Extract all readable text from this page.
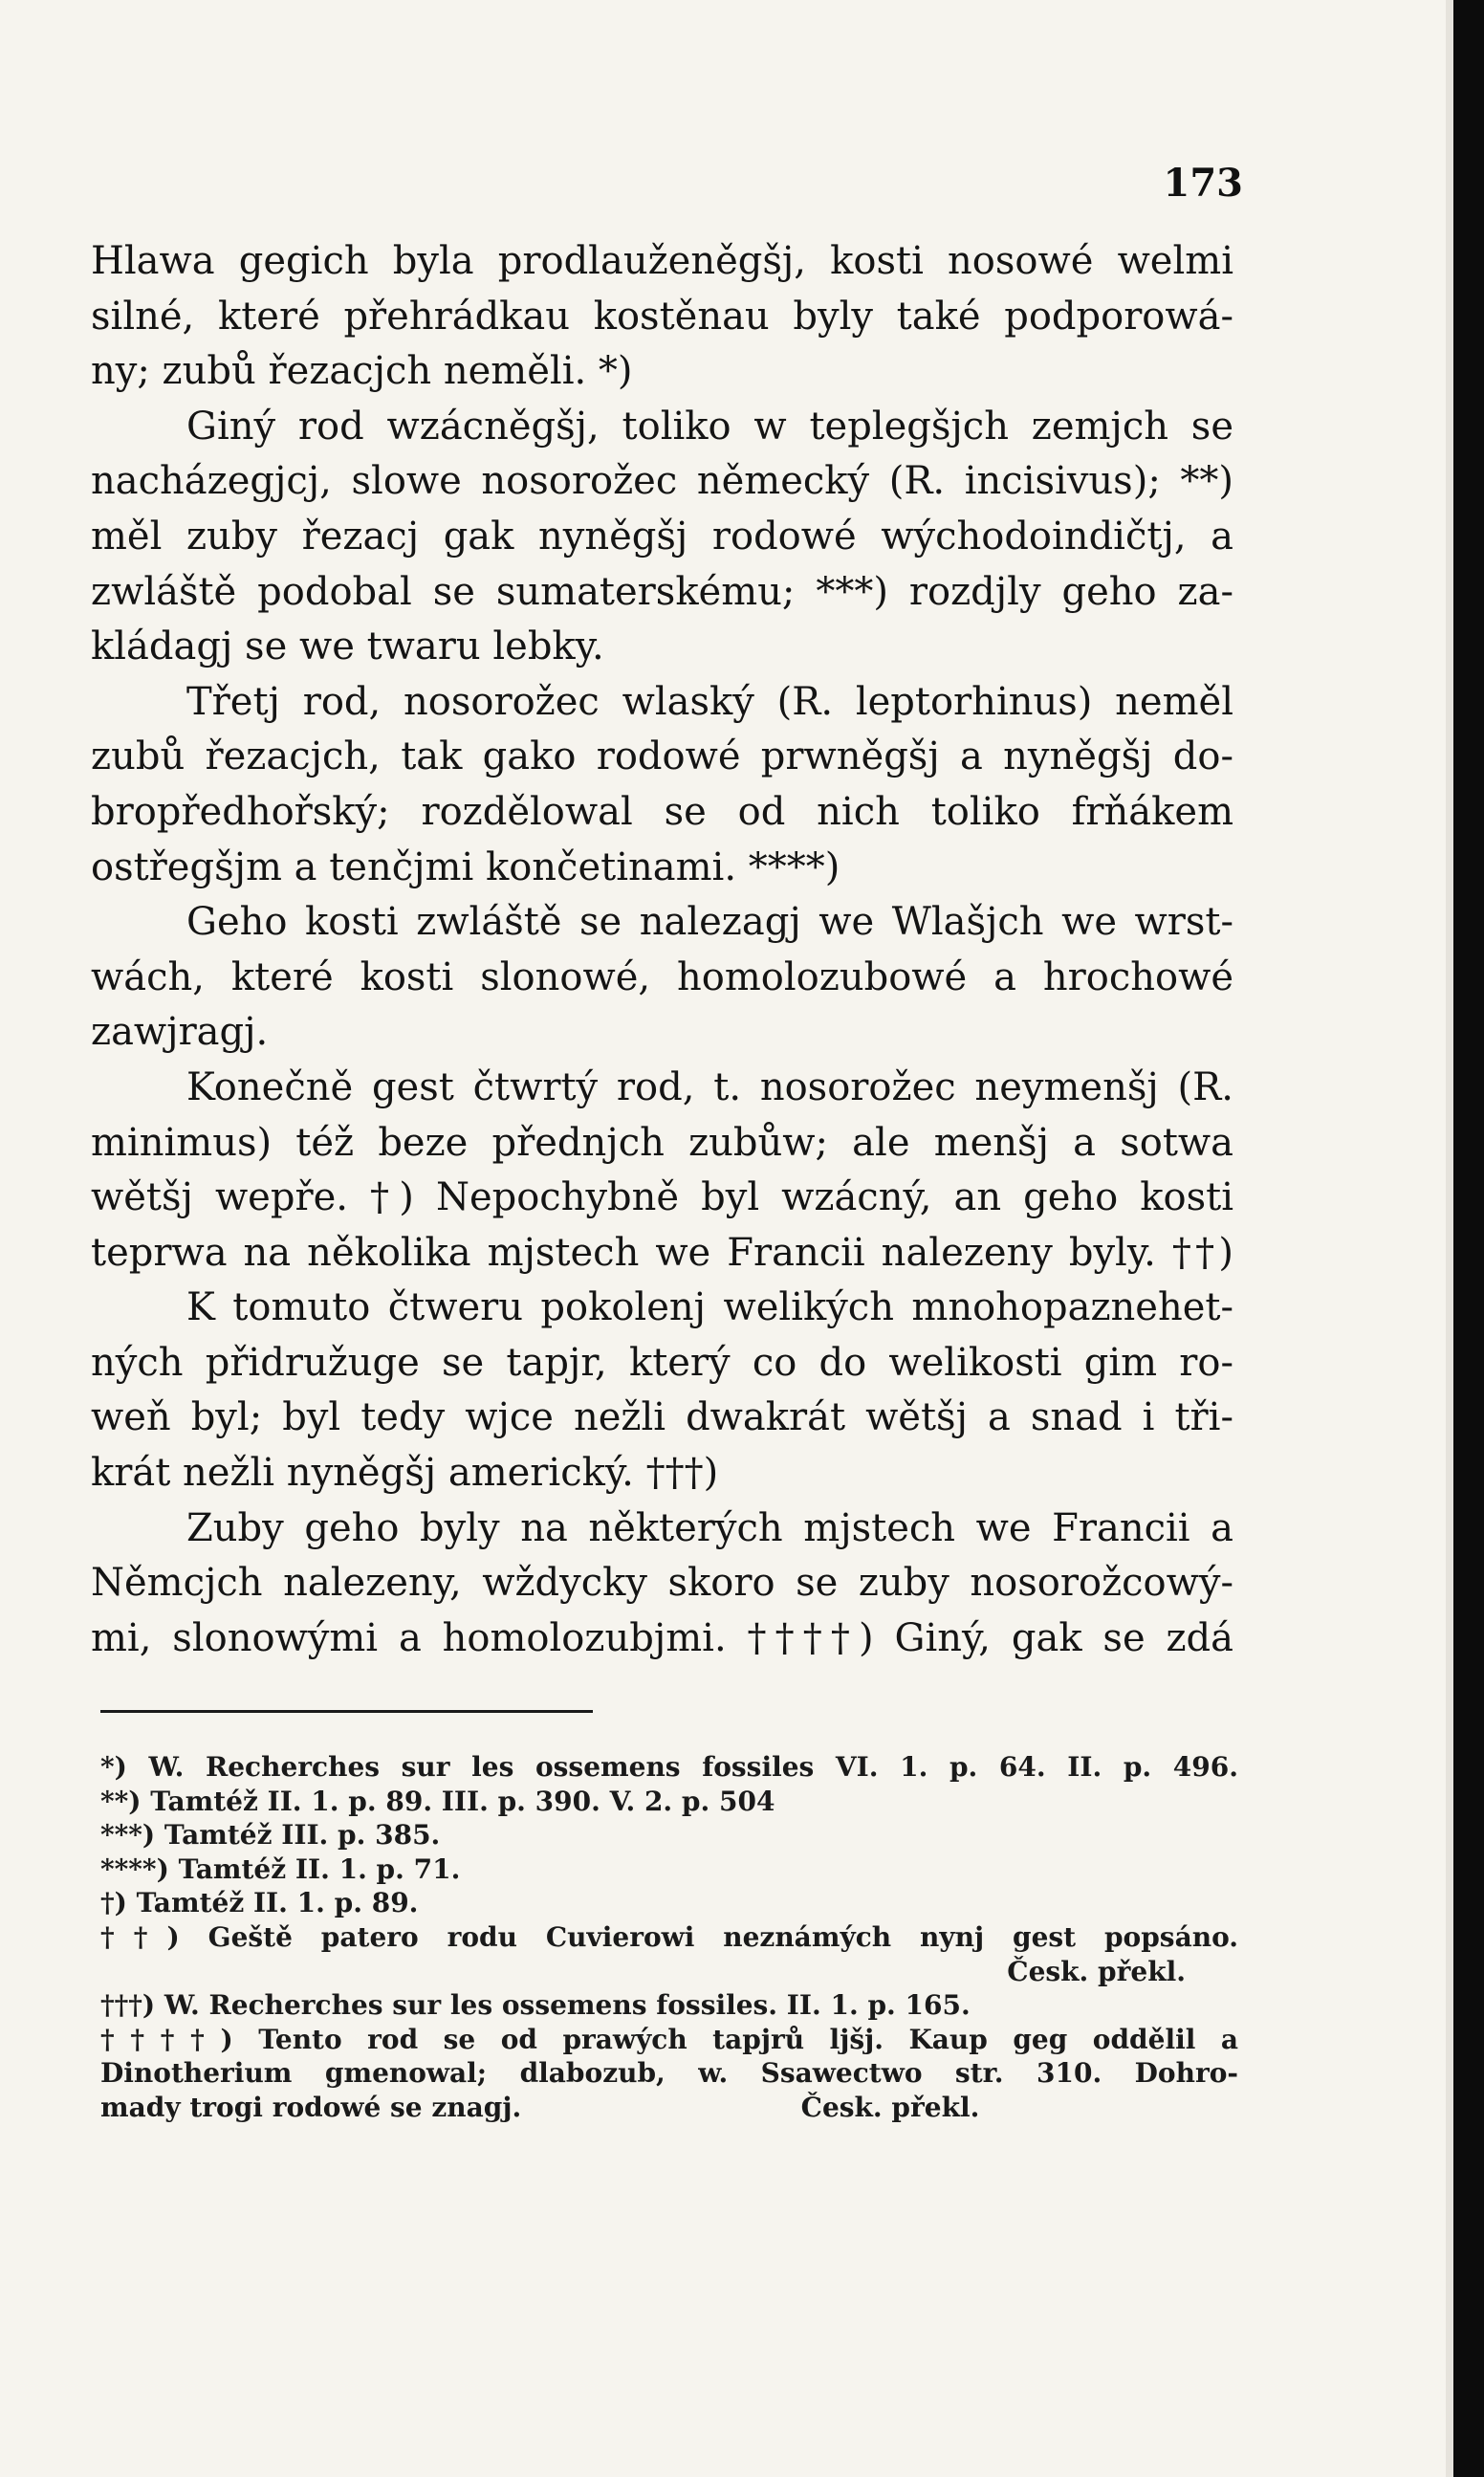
173
Hlawa gegich byla prodlauženěgšj, kosti nosowé welmi
silné, které přehrádkau kostěnau byly také podporowá-
ny; zubů řezacjch neměli. *)
Giný rod wzácněgšj, toliko w teplegšjch zemjch se
nacházegjcj, slowe nosorožec německý (R. incisivus); **)
měl zuby řezacj gak nyněgšj rodowé wýchodoindičtj, a
zwláště podobal se sumaterskému; ***) rozdjly geho za-
kládagj se we twaru lebky.
Třetj rod, nosorožec wlaský (R. leptorhinus) neměl
zubů řezacjch, tak gako rodowé prwněgšj a nyněgšj do-
bropředhořský; rozdělowal se od nich toliko frňákem
ostřegšjm a tenčjmi končetinami. ****)
Geho kosti zwláště se nalezagj we Wlašjch we wrst-
wách, které kosti slonowé, homolozubowé a hrochowé
zawjragj.
Konečně gest čtwrtý rod, t. nosorožec neymenšj (R.
minimus) též beze přednjch zubůw; ale menšj a sotwa
wětšj wepře. †) Nepochybně byl wzácný, an geho kosti
teprwa na několika mjstech we Francii nalezeny byly. ††)
K tomuto čtweru pokolenj welikých mnohopaznehet-
ných přidružuge se tapjr, který co do welikosti gim ro-
weň byl; byl tedy wjce nežli dwakrát wětšj a snad i tři-
krát nežli nyněgšj americký. †††)
Zuby geho byly na některých mjstech we Francii a
Němcjch nalezeny, wždycky skoro se zuby nosorožcowý-
mi, slonowými a homolozubjmi. ††††) Giný, gak se zdá
*) W. Recherches sur les ossemens fossiles VI. 1. p. 64. II. p. 496.
**) Tamtéž II. 1. p. 89. III. p. 390. V. 2. p. 504
***) Tamtéž III. p. 385.
****) Tamtéž II. 1. p. 71.
†) Tamtéž II. 1. p. 89.
††) Geště patero rodu Cuvierowi neznámých nynj gest popsáno.
Česk. překl.
†††) W. Recherches sur les ossemens fossiles. II. 1. p. 165.
††††) Tento rod se od prawých tapjrů ljšj. Kaup geg oddělil a
Dinotherium gmenowal; dlabozub, w. Ssawectwo str. 310. Dohro-
mady trogi rodowé se znagj.                              Česk. překl.
